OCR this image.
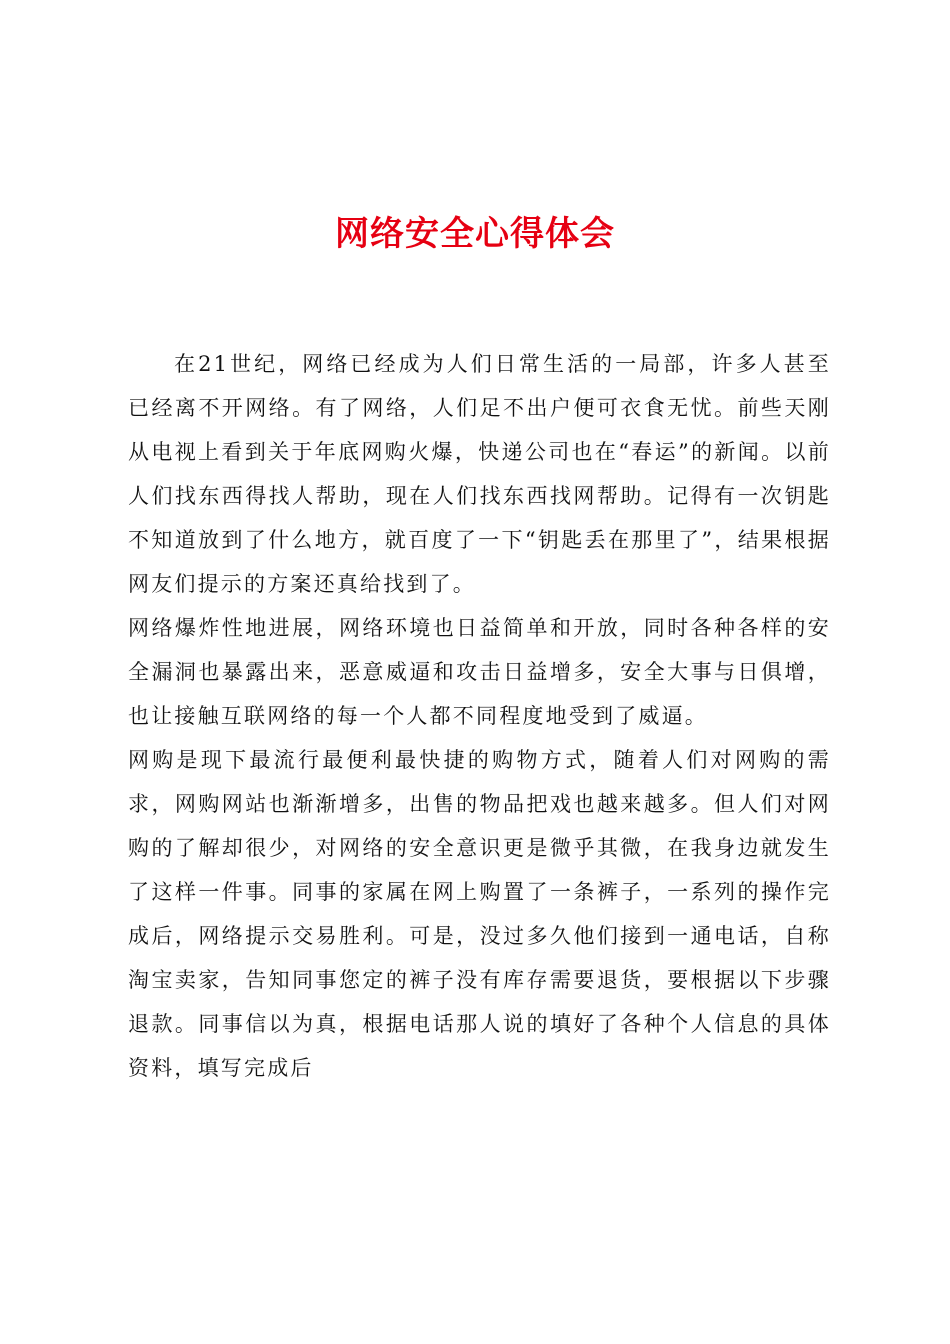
网络安全心得体会

在21世纪，网络已经成为人们日常生活的一局部，许多人甚至已经离不开网络。有了网络，人们足不出户便可衣食无忧。前些天刚从电视上看到关于年底网购火爆，快递公司也在“春运”的新闻。以前人们找东西得找人帮助，现在人们找东西找网帮助。记得有一次钥匙不知道放到了什么地方，就百度了一下“钥匙丢在那里了”，结果根据网友们提示的方案还真给找到了。

网络爆炸性地进展，网络环境也日益简单和开放，同时各种各样的安全漏洞也暴露出来，恶意威逼和攻击日益增多，安全大事与日俱增，也让接触互联网络的每一个人都不同程度地受到了威逼。

网购是现下最流行最便利最快捷的购物方式，随着人们对网购的需求，网购网站也渐渐增多，出售的物品把戏也越来越多。但人们对网购的了解却很少，对网络的安全意识更是微乎其微，在我身边就发生了这样一件事。同事的家属在网上购置了一条裤子，一系列的操作完成后，网络提示交易胜利。可是，没过多久他们接到一通电话，自称淘宝卖家，告知同事您定的裤子没有库存需要退货，要根据以下步骤退款。同事信以为真，根据电话那人说的填好了各种个人信息的具体资料，填写完成后
